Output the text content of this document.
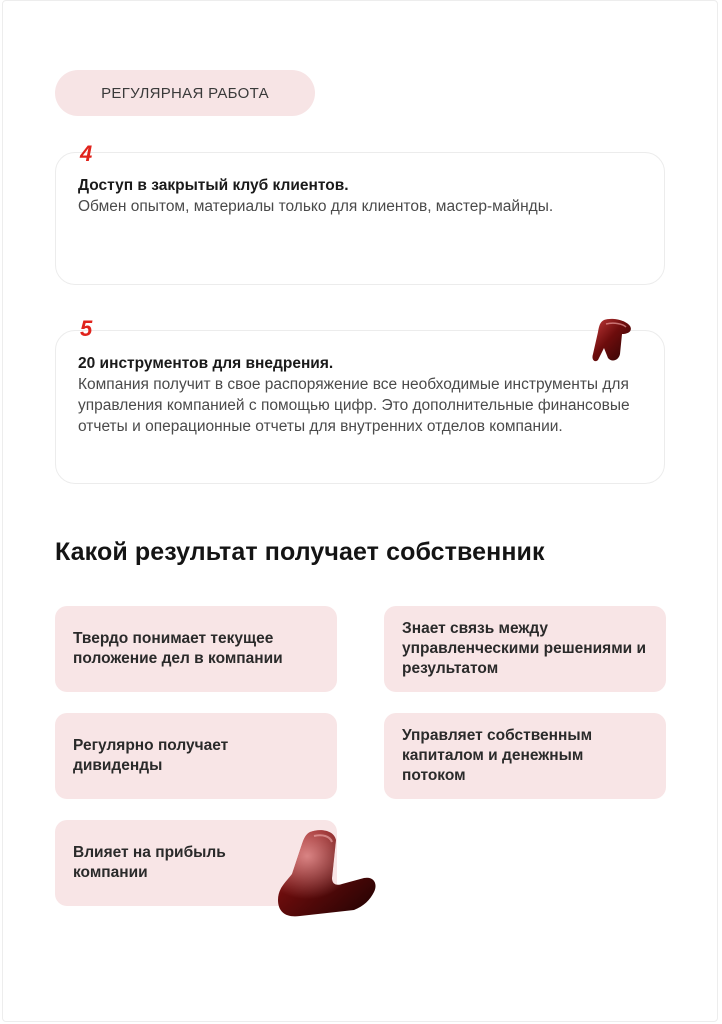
РЕГУЛЯРНАЯ РАБОТА
Доступ в закрытый клуб клиентов.
Обмен опытом, материалы только для клиентов, мастер-майнды.
4
20 инструментов для внедрения.
Компания получит в свое распоряжение все необходимые инструменты для управления компанией с помощью цифр. Это дополнительные финансовые отчеты и операционные отчеты для внутренних отделов компании.
5
Какой результат получает собственник
Твердо понимает текущее положение дел в компании
Знает связь между управленческими решениями и результатом
Регулярно получает дивиденды
Управляет собственным капиталом и денежным потоком
Влияет на прибыль компании
